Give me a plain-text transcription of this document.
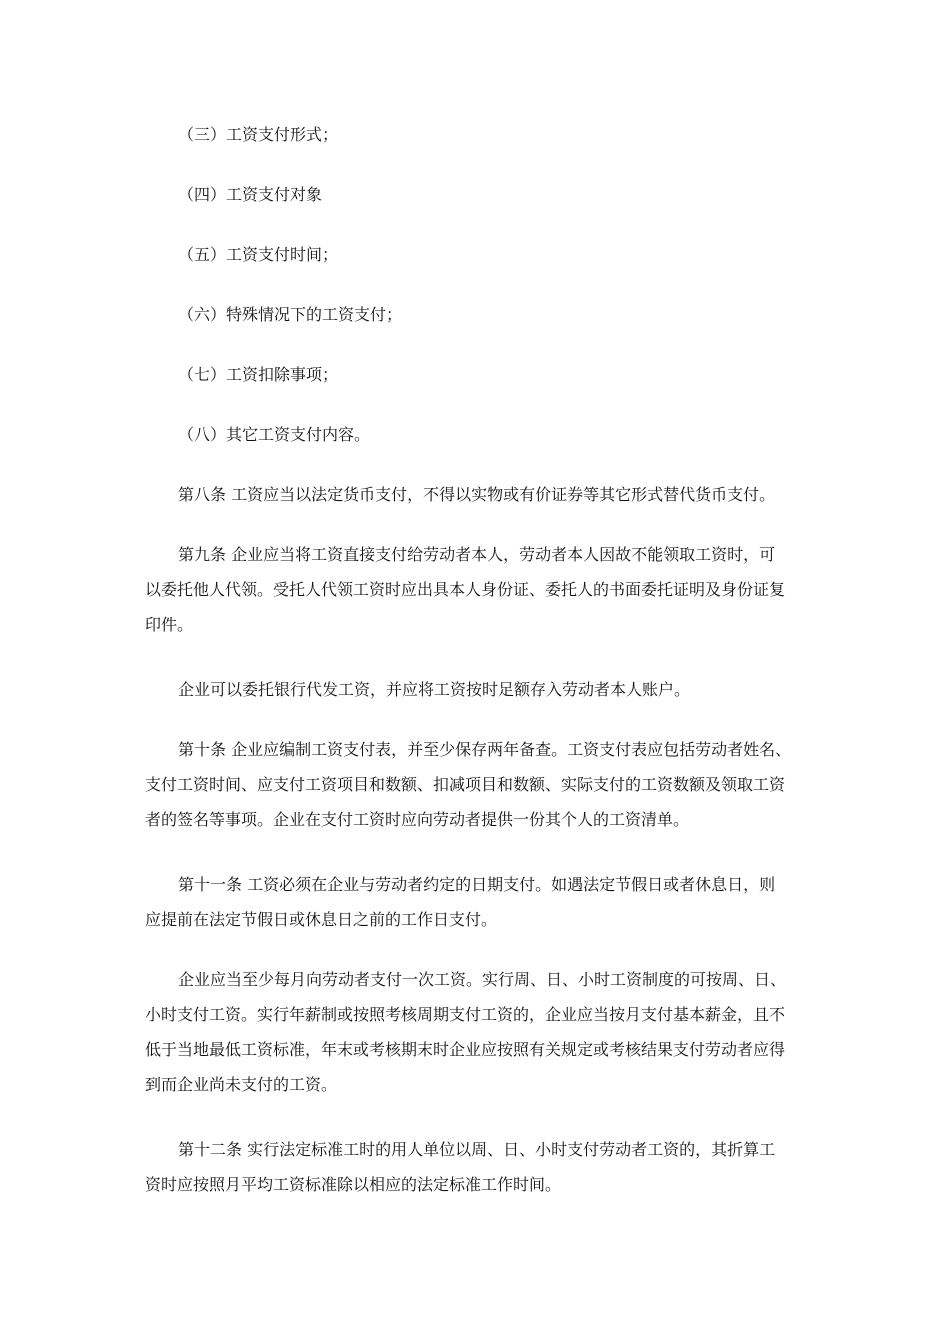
（三）工资支付形式；
（四）工资支付对象
（五）工资支付时间；
（六）特殊情况下的工资支付；
（七）工资扣除事项；
（八）其它工资支付内容。
第八条 工资应当以法定货币支付，不得以实物或有价证券等其它形式替代货币支付。
第九条 企业应当将工资直接支付给劳动者本人，劳动者本人因故不能领取工资时，可
以委托他人代领。受托人代领工资时应出具本人身份证、委托人的书面委托证明及身份证复
印件。
企业可以委托银行代发工资，并应将工资按时足额存入劳动者本人账户。
第十条 企业应编制工资支付表，并至少保存两年备查。工资支付表应包括劳动者姓名、
支付工资时间、应支付工资项目和数额、扣减项目和数额、实际支付的工资数额及领取工资
者的签名等事项。企业在支付工资时应向劳动者提供一份其个人的工资清单。
第十一条 工资必须在企业与劳动者约定的日期支付。如遇法定节假日或者休息日，则
应提前在法定节假日或休息日之前的工作日支付。
企业应当至少每月向劳动者支付一次工资。实行周、日、小时工资制度的可按周、日、
小时支付工资。实行年薪制或按照考核周期支付工资的，企业应当按月支付基本薪金，且不
低于当地最低工资标准，年末或考核期末时企业应按照有关规定或考核结果支付劳动者应得
到而企业尚未支付的工资。
第十二条 实行法定标准工时的用人单位以周、日、小时支付劳动者工资的，其折算工
资时应按照月平均工资标准除以相应的法定标准工作时间。
